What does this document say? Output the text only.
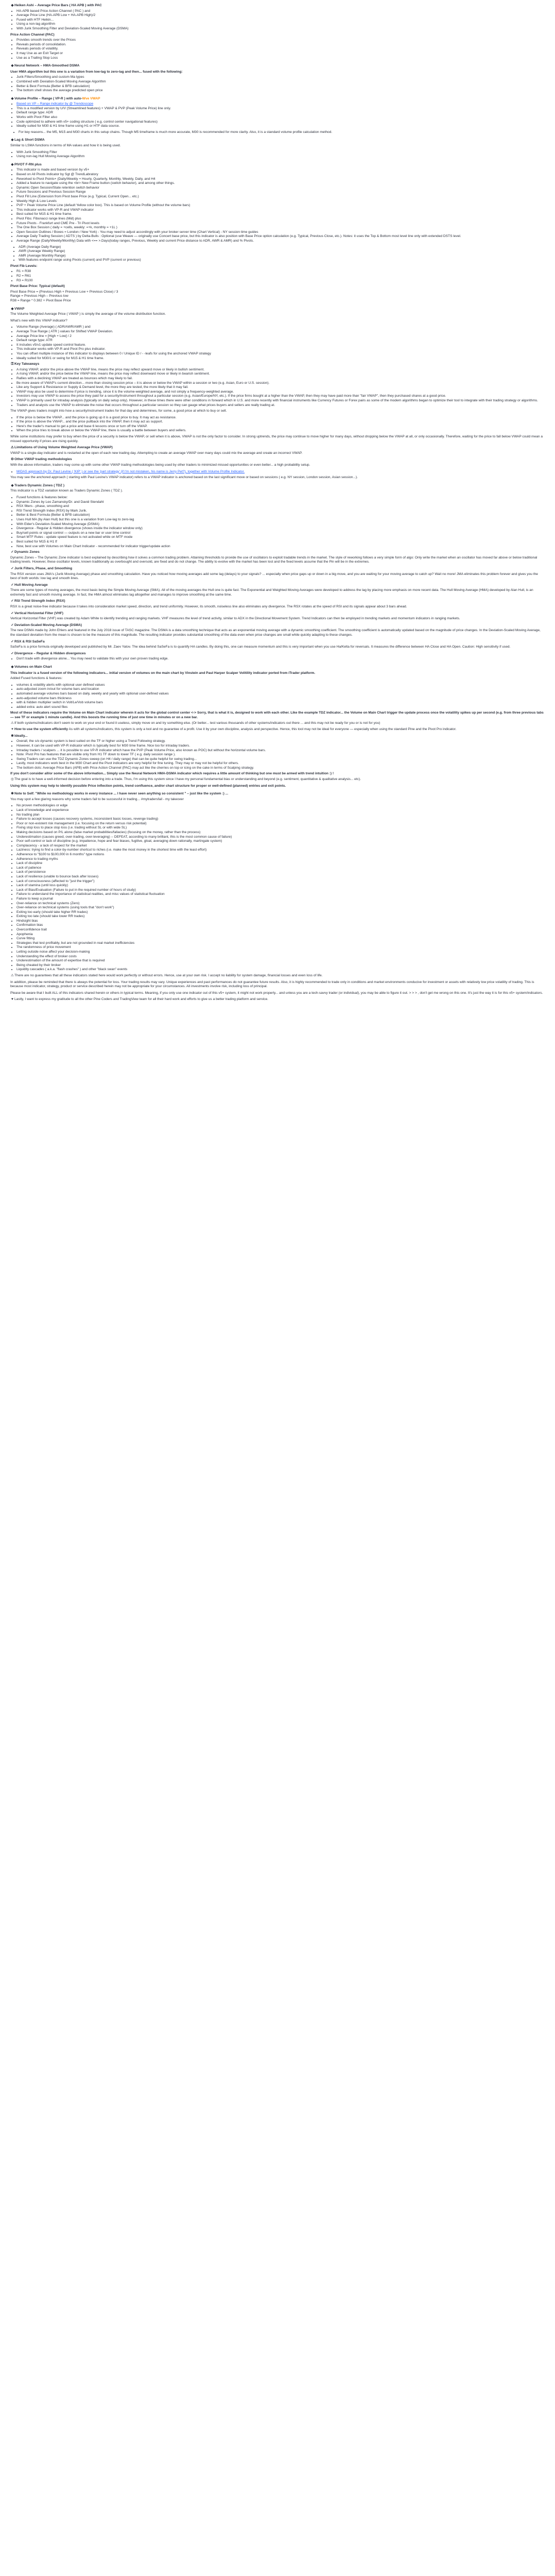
◆Heiken Ashi – Average Price Bars ( HA APB ) with PAC
• HA-APB based Price Action Channel ( PAC ) and
• Average Price Line (HA-APB Low + HA-APB High)/2
• Fused with HTF Heikin...
• Using a non-lag algorithm
• With Jurik Smoothing Filter and Deviation-Scaled Moving Average (DSMA)
Price Action Channel (PAC)
• Provides smooth trends over the Prices
• Reveals periods of consolidation.
• Reveals periods of volatility.
• It may Use as an Exit Target or
• Use as a Trailing Stop Loss
◆Neural Network – HMA-Smoothed DSMA

User HMA algorithm but this one is a variation from low-lag to zero-lag and then... fused with the following:

• Jurik Filters/Smoothing and custom Ma types
• Combined with Deviation-Scaled Moving Average Algorithm
• Better & Best Formula (Better & BFB calculation)
• The bottom shell shows the average predicted open price
◆Volume Profile – Range ( VP-R ) with auto-Wve VWAP
• Based on VP – Range indicator by @ Trendoscope
• This is a modified version by U/V (Streamlined features) + VWAP & PVP (Peak Volume Price) line only.
• Default range type: ADR
• Works with Pivot Filter also
• Code optimized to adhere with v5+ coding structure ( e.g. control center navigational features)
• Ideally suited for M30 & H1 time frame using H1 or HTF data source.
• For key reasons... the M5, M15 and M30 charts in this setup chains. Though M5 timeframe is much more accurate, M30 is recommended for more clarity. Also, it is a standard volume profile calculation method.
◆Lag & Short DSMA

Similar to LSMA functions in terms of MA values and how it is being used.

• With Jurik Smoothing Filter
• Using non-lag Hull Moving Average Algorithm
◆PIVOT F-RN plus
• This indicator is made and based version by v5+
• Based on All Pivots indicator by Sgt @ TrendLabratory
• Reworked to Pivot Points+ (Daily/Weekly + Hourly, Quarterly, Monthly, Weekly, Daily, and H4
• Added a feature to navigate using the <br> New Frame button (switch behavior), and among other things.
• Dynamic Open Session/State retention switch behavior
• Future Sessions and Previous Session Range
• Pivot Fill Line (Extension from Pivot base Price (e.g. Typical, Current Open... etc.)
• Weekly High & Low Levels
• PVP + Peak Volume Price Line (default Yellow color box). This is based on Volume Profile (without the volume bars)
• This indicator works with VP-R and VWAP indicator
• Best suited for M15 & H1 time frame.
• Pivot Fibs: Fibonacci range lines (Mid) plus
• Future Pivots - Frankfurt and CME Pre - Tri Pivot levels
• The One Box Session ( daily = +cells, weekly: =+k, monthly = +1L )
• Open Session Outlines / Boxes = London / New York) - You may need to adjust accordingly with your broker server time (Chart Vertical) - NY session time guides
• Average Daily Trading Session ( ADTS ) by Delta-Bulls : Optional (use Weave — originally use Concert base price, but this indicator is also position with Base Price option calculation (e.g. Typical, Previous Close, etc.). Notes: it uses the Top & Bottom most level line only with extended DSTS level.
• Average Range (Daily/Weekly/Monthly) Data with <== >.Days(today ranges, Previous, Weekly and current Price distance to ADR, AWR & AMR) and % Pivots.
• ADR (Average Daily Range)
• AWR (Average Weekly Range)
• AMR (Average Monthly Range)
• With features endpoint range using Pivots (current) and PVP (current or previous)
Pivot Fib Levels:
• R1 = R38
• R2 = R61
• R3 = R100
Pivot Base Price: Typical (default)
Pivot Base Price = (Previous High + Previous Low + Previous Close) / 3
Range = Previous High – Previous low
R38 = Range * 0.382 + Pivot Base Price
◆VWAP

The Volume Weighted Average Price ( VWAP ) is simply the average of the volume distribution function.

What's new with this VWAP indicator?

• Volume Range (Average) ( ADR/AWR/AMR ) and
• Average True Range ( ATR ) values for Shifted VWAP Deviation.
• Average Price line = [High + Low] / 2
• Default range type: ATR
• It includes v5/v1 update speed control feature.
• This indicator works with VP-R and Pivot Pro plus indicator.
• You can offset multiple instance of this indicator to displays between 0 / Unique ID / - -leafs for using the anchored VWAP strategy
• Ideally suited for M30/1 or swing for M15 & H1 time frame.
⚿Key Takeaways
• A rising VWAP, and/or the price above the VWAP line, means the price may reflect upward move or likely in bullish sentiment.
• A rising VWAP, and/or the price below the VWAP line, means the price may reflect downward move or likely in bearish sentiment.
• Rallies with a declining VWAP are treated as bounces which may likely to fail.
• Be more aware of VWAP's current direction... more than closing session price – it is above or below the VWAP within a session or two (e.g. Asian, Euro or U.S. session).
• Like any Support & Resistance or Supply & Demand level, the more they are tested, the more likely that it may fail.
• VWAP may also be used to determine if price is trending, since it is the volume-weighted average, and not simply a frequency-weighted average.
• Investors may use VWAP to assess the price they paid for a security/Instrument throughout a particular session (e.g. Asian/Europe/NY, etc.). If the price firms bought at a higher than the VWAP, then they may have paid more than "fair VWAP", then they purchased shares at a good price.
• VWAP is primarily used for intraday analysis (typically on daily setup only). However, in these times there were other conditions in forward which in U.S. and more recently with financial instruments like Currency Futures or Forex pairs as some of the modern algorithms began to optimize their tool to integrate with their trading strategy or algorithms.
• Traders and analysts use the VWAP to eliminate the noise that occurs throughout a particular session so they can gauge what prices buyers and sellers are really trading at.

The VWAP gives traders insight into how a security/instrument trades for that day and determines, for some, a good price at which to buy or sell.

• If the price is below the VWAP... and the price is going up it is a good price to buy. It may act as resistance.
• If the price is above the VWAP... and the price pullback into the VWAP, then it may act as support.
• Here's the trader's manual to get a price and base 6 lessons once or turn off the VWAP.
• When the price tries to break above or below the VWAP line, there is usually a battle between buyers and sellers.

While some institutions may prefer to buy when the price of a security is below the VWAP, or sell when it is above, VWAP is not the only factor to consider. In strong uptrends, the price may continue to move higher for many days, without dropping below the VWAP at all, or only occasionally. Therefore, waiting for the price to fall below VWAP could mean a missed opportunity if prices are rising quickly.

⚠Limitations of Using Volume Weighted Average Price (VWAP)

VWAP is a single-day indicator and is restarted at the open of each new trading day. Attempting to create an average VWAP over many days could mix the average and create an incorrect VWAP.

⚙Other VWAP trading methodologies

With the above information, traders may come up with some other VWAP trading methodologies being used by other traders to minimized missed opportunities or even better... a high probability setup.

• MIDAS approach by Dr. Paul Levine ( 'KIP' ) or see the 'part strategy' (if I'm not mistaken, his name is Jerry Pet?), together with Volume Profile Indicator.

You may see the anchored approach ( starting with Paul Levine's VWAP indicator) refers to a VWAP indicator is anchored based on the last significant move or based on sessions ( e.g. NY session, London session, Asian session...).

◆Traders Dynamic Zones ( TDZ )

This indicator is a TDZ variation known as Traders Dynamic Zones ( TDZ ).

• Fused functions & features below:
• Dynamic Zones by Leo Zamansky/Dr. and David Stendahl
• RSX filters - phase, smoothing and
• RSI Trend Strength Index (RSX) by Mark Jurik.
• Better & Best Formula (Better & BFB calculation)
• Uses Hull MA (by Alan Hull) but this one is a variation from Low-lag to zero-lag
• With Elder's Deviation-Scaled Moving Average (DSMA)
• Divergence - Regular & Hidden divergence (shows inside the indicator window only)
• Buy/sell points or signal control — outputs on a new bar or user time control
• Smart MTF Rules - update speed feature is not activated while on MTF mode
• Best suited for M15 & H1 tf
• Now, best use with Volumes on Main Chart Indicator - recommended for indicator trigger/update action
✓Dynamic Zones

Dynamic Zones – The Dynamic Zone indicator is best explained by describing how it solves a common trading problem. Attaining thresholds to provide the use of oscillators to exploit tradable trends in the market. The style of reworking follows a very simple form of algo: Only write the market when an oscillator has moved far above or below traditional trading levels. However, these oscillator levels, known traditionally as overbought and oversold, are fixed and do not change. The ability to evolve with the market has been lost and the fixed levels assume that the Pin will be in the extremes.

✓Jurik Filters, Phase, and Smoothing

The RSX version uses JMA's (Jurik Moving Average) phase and smoothing calculation. Have you noticed how moving averages add some lag (delays) to your signals? ... especially when price gaps up or down in a big move, and you are waiting for your moving average to catch up? Wait no more! JMA eliminates this problem forever and gives you the best of both worlds: low lag and smooth lines.

✓Hull Moving Average

There are some types of moving averages, the most basic being the Simple Moving Average (SMA). All of the moving averages the Hull one is quite fast. The Exponential and Weighted Moving Averages were developed to address the lag by placing more emphasis on more recent data. The Hull Moving Average (HMA) developed by Alan Hull, is an extremely fast and smooth moving average. In fact, the HMA almost eliminates lag altogether and manages to improve smoothing at the same time.

✓RSI Trend Strength Index (RSX)

RSX is a great noise-free indicator because it takes into consideration market speed, direction, and trend uniformity. However, its smooth, noiseless line also eliminates any divergence. The RSX rotates at the speed of RSI and its signals appear about 3 bars ahead.

✓Vertical Horizontal Filter (VHF)

Vertical Horizontal Filter (VHF) was created by Adam White to identify trending and ranging markets. VHF measures the level of trend activity, similar to ADX in the Directional Movement System. Trend Indicators can then be employed in trending markets and momentum indicators in ranging markets.

✓Deviation-Scaled Moving Average (DSMA)

The new DSMA made by John Ehlers and featured in the July 2018 issue of TASC magazine. The DSMA is a data smoothing technique that acts as an exponential moving average with a dynamic smoothing coefficient. The smoothing coefficient is automatically updated based on the magnitude of price changes. In the Deviation-Scaled Moving Average, the standard deviation from the mean is chosen to be the measure of this magnitude. The resulting indicator provides substantial smoothing of the data even when price changes are small while quickly adapting to these changes.

✓RSX & RSI SaSeFa

SaSeFa is a price formula originally developed and published by Mr. Zaev Yatov. The idea behind SaSeFa is to quantify HA candles. By doing this, one can measure momentum and this is very important when you use Ha/Kelta for reversals. It measures the difference between HA Close and HA Open. Caution: High sensitivity if used.

✓Divergence – Regular & Hidden divergences
• Don't trade with divergence alone... You may need to validate this with your own proven trading edge.
◆Volumes on Main Chart

This indicator is a fused version of the following indicators... initial version of volumes on the main chart by Vinstein and Paul Harper Scalper Volitility indicator ported from iTrader platform.

Added Fused functions & features:

• volumes & volatility alerts with optional user defined values
• auto-adjusted zoom in/out for volume bars and location
• automated average volumes bars based on daily, weekly and yearly with optional user-defined values
• auto-adjusted volume bars thickness
• with & hidden multiplier switch in Volt/Le/Vob volume bars
• added extra: auto alert sound files

Most of these indicators require the Volume on Main Chart indicator wherein it acts for the global control center <-> Sorry, that is what it is, designed to work with each other. Like the example TDZ indicator... the Volume on Main Chart trigger the update process once the volatility spikes up per second (e.g. from three previous tabs — see TF or example 1 minute candle). And this boosts the running time of just one time in minutes or on a new bar.

⚠If both systems/indicators don't seem to work on your end or found it useless, simply move on and try something else. (Or better... test various thousands of other systems/indicators out there ... and this may not be ready for you or is not for you)

✦How to use the system efficiently As with all systems/indicators, this system is only a tool and no guarantee of a profit. Use it by your own discipline, analysis and perspective. Hence, this tool may not be ideal for everyone — especially when using the standard Pine and the Pivot Pro indicator.

✱Ideally...
• Overall, the s/o dynamic system is best suited on the TF or higher using a Trend Following strategy.
• However, it can be used with VP-R indicator which is typically best for M30 time frame. Nice too for intraday traders.
• Intraday traders / scalpers ... it is possible to use VP-R indicator which have the PVP (Peak Volume Price, also known as POC) but without the horizontal volume bars.
• Note: Pivot Pro has features that are visible only from H1 TF down to lower TF ( e.g. daily session range ).
• Swing Traders can use the TDZ Dynamic Zones sweep (on H4 / daily range) that can be quite helpful for swing trading...
• Lastly, most indicators work best in the M30 Chart and the Pivot indicators are very helpful for fine tuning. They may or may not be helpful for others.
• The bottom dots: Average Price Bars (APB) with Price Action Channel (PAC) may act like the cherries on top or icing on the cake in terms of Scalping strategy.

If you don't consider all/or some of the above information... Simply use the Neural Network HMA-DSMA indicator which requires a little amount of thinking but one must be armed with trend intuition :) !

◎The goal is to have a well-informed decision before entering into a trade. Thus, I'm using this system since I have my personal fundamental bias or understanding and beyond (e.g. sentiment, quantitative & qualitative analysis... etc).

Using this system may help to identify possible Price inflection points, trend confluence, and/or chart structure for proper or well-defined (planned) entries and exit points.

✱Note to Self: "While no methodology works in every instance ... I have never seen anything so consistent " – just like the system :) ...

You may spot a few glaring reasons why some traders fail to be successful in trading... #mytradersfail - my takeover

• No proven methodologies or edge
• Lack of knowledge and experience
• No trading plan
• Failure to accept losses (causes recovery systems, inconsistent basic losses, revenge trading)
• Poor or non-existent risk management (i.e. focusing on the return versus risk potential)
• Fixing stop loss to place stop loss (i.e. trading without SL or with wide SL)
• Making decisions based on P/L alone (false market probabilities/fallacies) (focusing on the money, rather than the process)
• Underestimation (causes greed, over-trading, over-leveraging) -- DEFEAT, according to many brilliant, this is the most common cause of failure)
• Poor self-control or lack of discipline (e.g. impatience, hope and fear biases, fugitive, gloat, averaging down rationally, martingale system)
• Complacency - a lack of respect for the market
• Laziness: trying to find a color-by-number shortcut to riches (i.e. make the most money in the shortest time with the least effort)
• Adherence to "$100 to $100,000 in 6 months" type notions
• Adherence to trading myths
• Lack of discipline
• Lack of patience
• Lack of persistence
• Lack of resilience (unable to bounce back after losses)
• Lack of consciousness (affected to "just the trigger")
• Lack of stamina (until loss quickly)
• Lack of Bias/Evaluation (Failure to put in the required number of hours of study)
• Failure to understand the importance of statistical realities, and misc values of statistical fluctuation
• Failure to keep a journal
• Over-reliance on technical systems (Zero)
• Over-reliance on technical systems (using tools that "don't work")
• Exiting too early (should take higher RR trades)
• Exiting too late (should take lower RR trades)
• Hindsight bias
• Confirmation bias
• Overconfidence trait
• Apophenia
• Curve fitting
• Strategies that test profitably, but are not grounded in real market inefficiencies
• The randomness of price movement
• Letting outside noise affect your decision-making
• Understanding the effect of broker costs
• Underestimation of the amount of expertise that is required
• Being cheated by their broker
• Liquidity cascades ( a.k.a. "flash crashes" ) and other "black swan" events

⚠There are no guarantees that all these indicators stated here would work perfectly or without errors. Hence, use at your own risk. I accept no liability for system damage, financial losses and even loss of life.

In addition, please be reminded that there is always the potential for loss. Your trading results may vary. Unique experiences and past performances do not guarantee future results. Also, it is highly recommended to trade only in conditions and market environments conducive for investment or assets with relatively low price volatility of trading. This is because most indicator, strategy, product or service described herein may not be appropriate for your circumstances. All investments involve risk, including loss of principal.

Please be aware that I built ALL of this indicators shared herein or others in typical terms. Meaning, if you only use one indicator out of this v5+ system, it might not work properly... and unless you are a tech-savvy trader (or individual), you may be able to figure it out. > > > , don't get me wrong on this one. It's just the way it is for this v5+ system/indicators.

♥ Lastly, I want to express my gratitude to all the other Pine Coders and TradingView team for all their hard work and efforts to give us a better trading platform and service.
